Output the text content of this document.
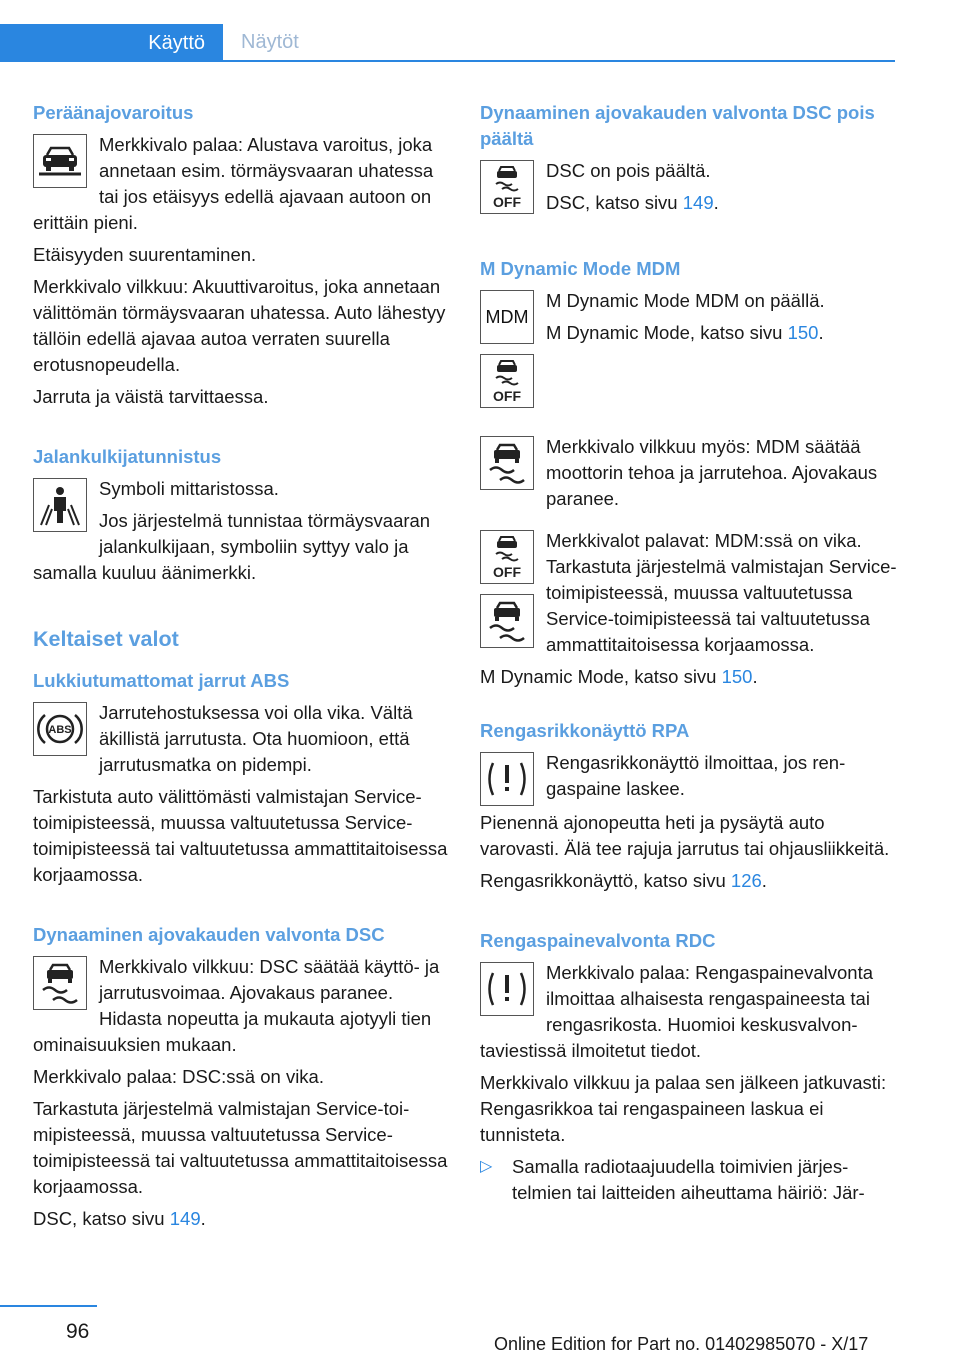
Käyttö	Näytöt
Peräänajovaroitus
Merkkivalo palaa: Alustava varoitus, joka annetaan esim. törmäysvaaran uhatessa tai jos etäisyys edellä ajavaan autoon on erittäin pieni.
Etäisyyden suurentaminen.
Merkkivalo vilkkuu: Akuuttivaroitus, joka annetaan välittömän törmäysvaaran uhatessa. Auto lähestyy tällöin edellä ajavaa autoa verraten suurella erotusnopeudella.
Jarruta ja väistä tarvittaessa.
Jalankulkijatunnistus
Symboli mittaristossa.
Jos järjestelmä tunnistaa törmäysvaaran jalankulkijaan, symboliin syttyy valo ja samalla kuuluu äänimerkki.
Keltaiset valot
Lukkiutumattomat jarrut ABS
ABS
Jarrutehostuksessa voi olla vika. Vältä äkillistä jarrutusta. Ota huomioon, että jarrutusmatka on pidempi.
Tarkistuta auto välittömästi valmistajan Service-toimipisteessä, muussa valtuutetussa Service-toimipisteessä tai valtuutetussa ammattitaitoisessa korjaamossa.
Dynaaminen ajovakauden valvonta DSC
Merkkivalo vilkkuu: DSC säätää käyttö- ja jarrutusvoimaa. Ajovakaus paranee. Hidasta nopeutta ja mukauta ajotyyli tien ominaisuuksien mukaan.
Merkkivalo palaa: DSC:ssä on vika.
Tarkastuta järjestelmä valmistajan Service-toimipisteessä, muussa valtuutetussa Service-toimipisteessä tai valtuutetussa ammattitaitoisessa korjaamossa.
DSC, katso sivu 149.
Dynaaminen ajovakauden valvonta DSC pois päältä
OFF
DSC on pois päältä.
DSC, katso sivu 149.
M Dynamic Mode MDM
MDM
OFF
M Dynamic Mode MDM on päällä.
M Dynamic Mode, katso sivu 150.
Merkkivalo vilkkuu myös: MDM säätää moottorin tehoa ja jarrutehoa. Ajovakaus paranee.
OFF
Merkkivalot palavat: MDM:ssä on vika. Tarkastuta järjestelmä valmistajan Service-toimipisteessä, muussa valtuutetussa Service-toimipisteessä tai valtuutetussa ammattitaitoisessa korjaamossa.
M Dynamic Mode, katso sivu 150.
Rengasrikkonäyttö RPA
Rengasrikkonäyttö ilmoittaa, jos rengaspaine laskee.
Pienennä ajonopeutta heti ja pysäytä auto varovasti. Älä tee rajuja jarrutus tai ohjausliikkeitä.
Rengasrikkonäyttö, katso sivu 126.
Rengaspainevalvonta RDC
Merkkivalo palaa: Rengaspainevalvonta ilmoittaa alhaisesta rengaspaineesta tai rengasrikosta. Huomioi keskusvalvontaviestissä ilmoitetut tiedot.
Merkkivalo vilkkuu ja palaa sen jälkeen jatkuvasti: Rengasrikkoa tai rengaspaineen laskua ei tunnisteta.
▷ Samalla radiotaajuudella toimivien järjestelmien tai laitteiden aiheuttama häiriö: Jär-
96
Online Edition for Part no. 01402985070 - X/17
